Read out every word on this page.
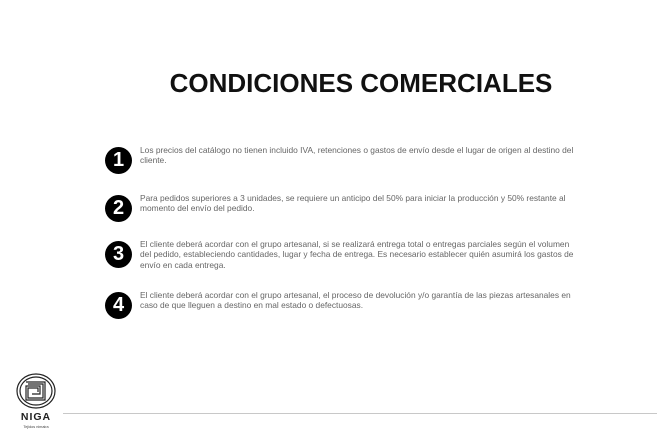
CONDICIONES COMERCIALES
1	Los precios del catálogo no tienen incluido IVA, retenciones o gastos de envío desde el lugar de origen al destino del cliente.
2	Para pedidos superiores a 3 unidades, se requiere un anticipo del 50% para iniciar la producción y 50% restante al momento del envío del pedido.
3	El cliente deberá acordar con el grupo artesanal, si se realizará entrega total o entregas parciales según el volumen del pedido, estableciendo cantidades, lugar y fecha de entrega. Es necesario establecer quién asumirá los gastos de envío en cada entrega.
4	El cliente deberá acordar con el grupo artesanal, el proceso de devolución y/o garantía de las piezas artesanales en caso de que lleguen a destino en mal estado o defectuosas.
NIGA
Tejidos nimaira
